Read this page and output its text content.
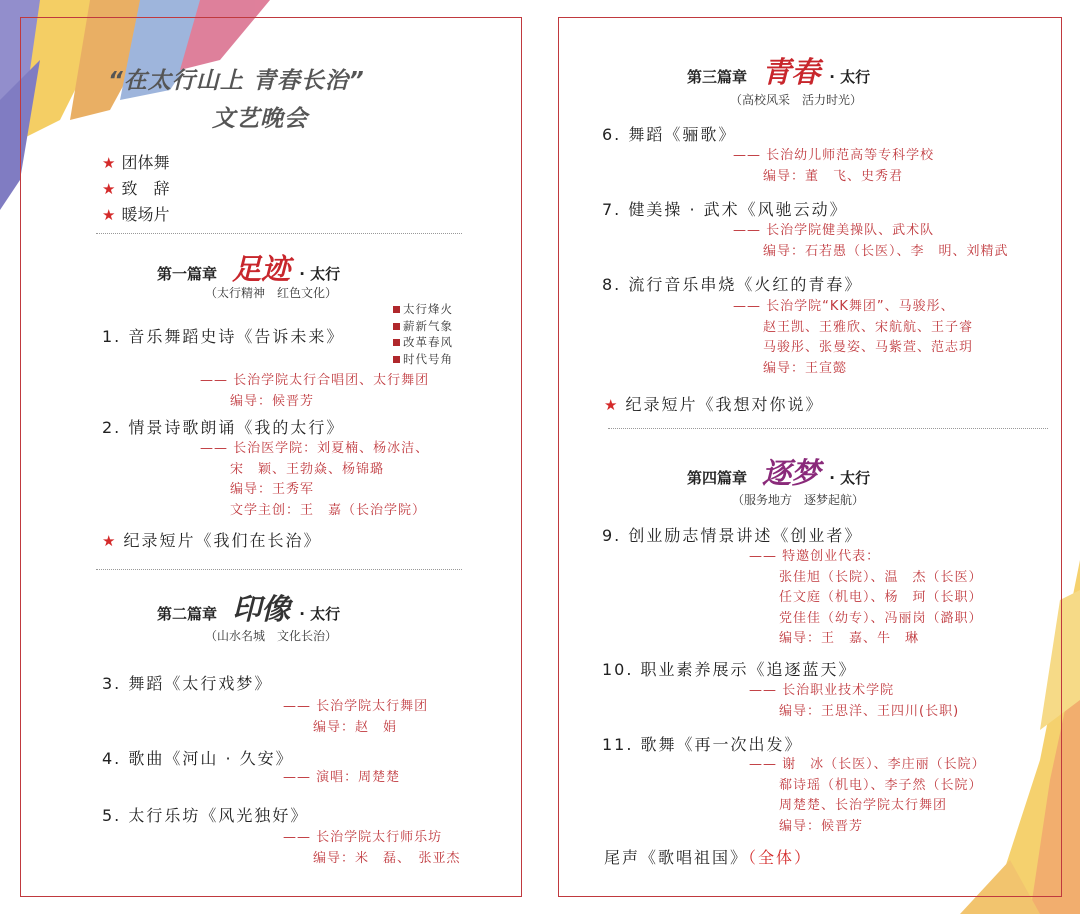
“在太行山上 青春长治”
文艺晚会
★ 团体舞
★ 致　辞
★ 暖场片
第一篇章 足迹 · 太行
（太行精神　红色文化）
太行烽火
薪新气象
改革春风
时代号角
1. 音乐舞蹈史诗《告诉未来》
—— 长治学院太行合唱团、太行舞团
编导：候晋芳
2. 情景诗歌朗诵《我的太行》
—— 长治医学院：刘夏楠、杨冰洁、
宋　颖、王勃焱、杨锦璐
编导：王秀军
文学主创：王　嘉（长治学院）
★ 纪录短片《我们在长治》
第二篇章 印像 · 太行
（山水名城　文化长治）
3. 舞蹈《太行戏梦》
—— 长治学院太行舞团
编导：赵　娟
4. 歌曲《河山 · 久安》
—— 演唱：周楚楚
5. 太行乐坊《风光独好》
—— 长治学院太行师乐坊
编导：米　磊、　张亚杰
第三篇章 青春 · 太行
（高校风采　活力时光）
6. 舞蹈《骊歌》
—— 长治幼儿师范高等专科学校
编导：董　飞、史秀君
7. 健美操 · 武术《风驰云动》
—— 长治学院健美操队、武术队
编导：石若愚（长医）、李　明、刘精武
8. 流行音乐串烧《火红的青春》
—— 长治学院“KK舞团”、马骏彤、
赵王凯、王雅欣、宋航航、王子睿
马骏彤、张曼姿、马紫萱、范志玥
编导：王宣懿
★ 纪录短片《我想对你说》
第四篇章 逐梦 · 太行
（服务地方　逐梦起航）
9. 创业励志情景讲述《创业者》
—— 特邀创业代表：
张佳旭（长院）、温　杰（长医）
任文庭（机电）、杨　珂（长职）
党佳佳（幼专）、冯丽岗（潞职）
编导：王　嘉、牛　琳
10. 职业素养展示《追逐蓝天》
—— 长治职业技术学院
编导：王思洋、王四川(长职)
11. 歌舞《再一次出发》
—— 谢　冰（长医）、李庄丽（长院）
郗诗瑶（机电）、李子然（长院）
周楚楚、长治学院太行舞团
编导：候晋芳
尾声《歌唱祖国》（全体）
